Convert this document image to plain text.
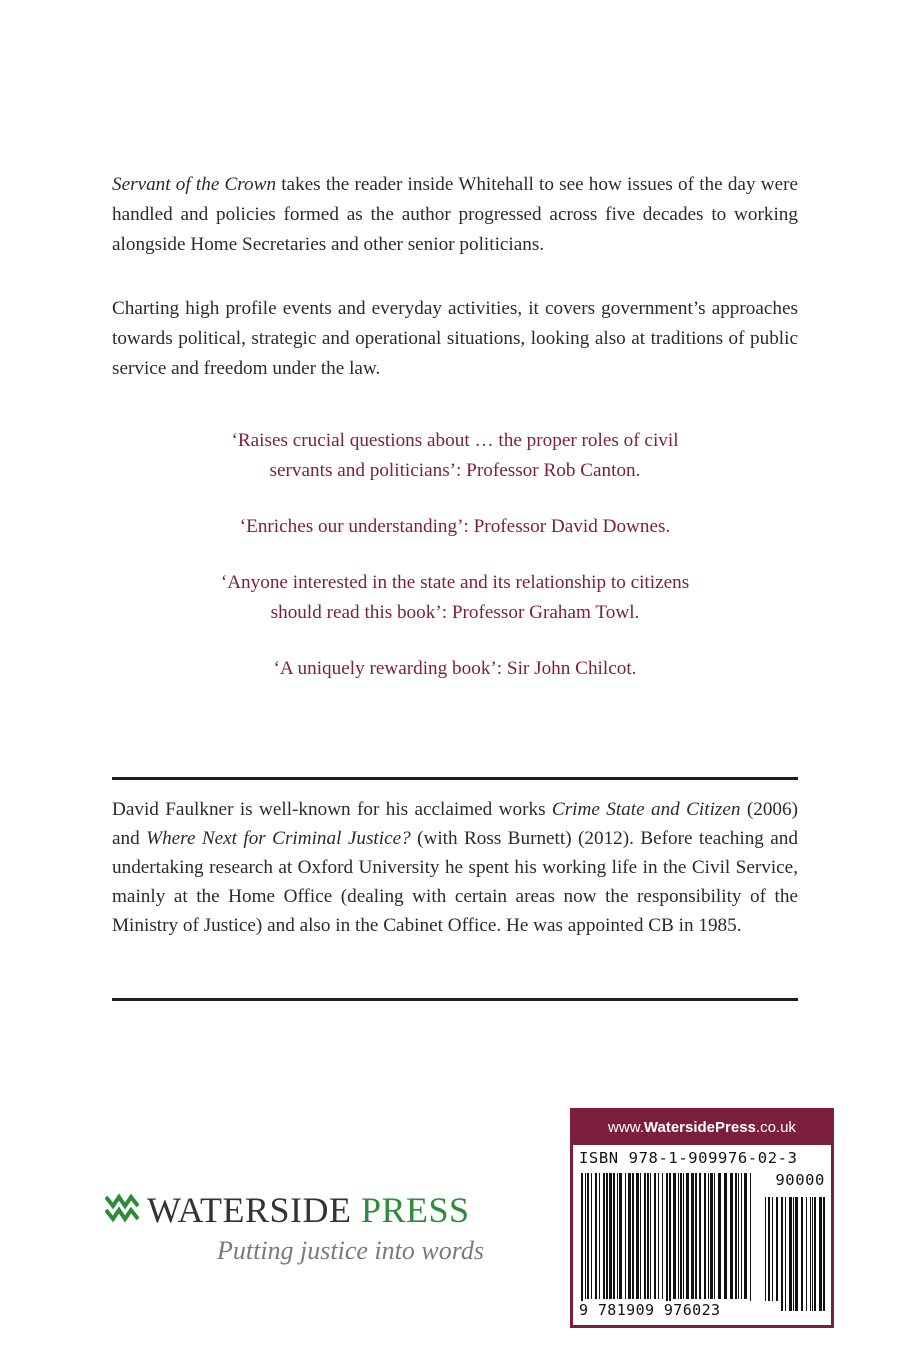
Servant of the Crown takes the reader inside Whitehall to see how issues of the day were handled and policies formed as the author progressed across five decades to working alongside Home Secretaries and other senior politicians.

Charting high profile events and everyday activities, it covers government’s approaches towards political, strategic and operational situations, looking also at traditions of public service and freedom under the law.

‘Raises crucial questions about … the proper roles of civil
servants and politicians’: Professor Rob Canton.

‘Enriches our understanding’: Professor David Downes.

‘Anyone interested in the state and its relationship to citizens
should read this book’: Professor Graham Towl.

‘A uniquely rewarding book’: Sir John Chilcot.

David Faulkner is well-known for his acclaimed works Crime State and Citizen (2006) and Where Next for Criminal Justice? (with Ross Burnett) (2012). Before teaching and undertaking research at Oxford University he spent his working life in the Civil Service, mainly at the Home Office (dealing with certain areas now the responsibility of the Ministry of Justice) and also in the Cabinet Office. He was appointed CB in 1985.

WATERSIDE PRESS
Putting justice into words
www.WatersidePress.co.uk
ISBN 978-1-909976-02-3
90000
9 781909 976023
